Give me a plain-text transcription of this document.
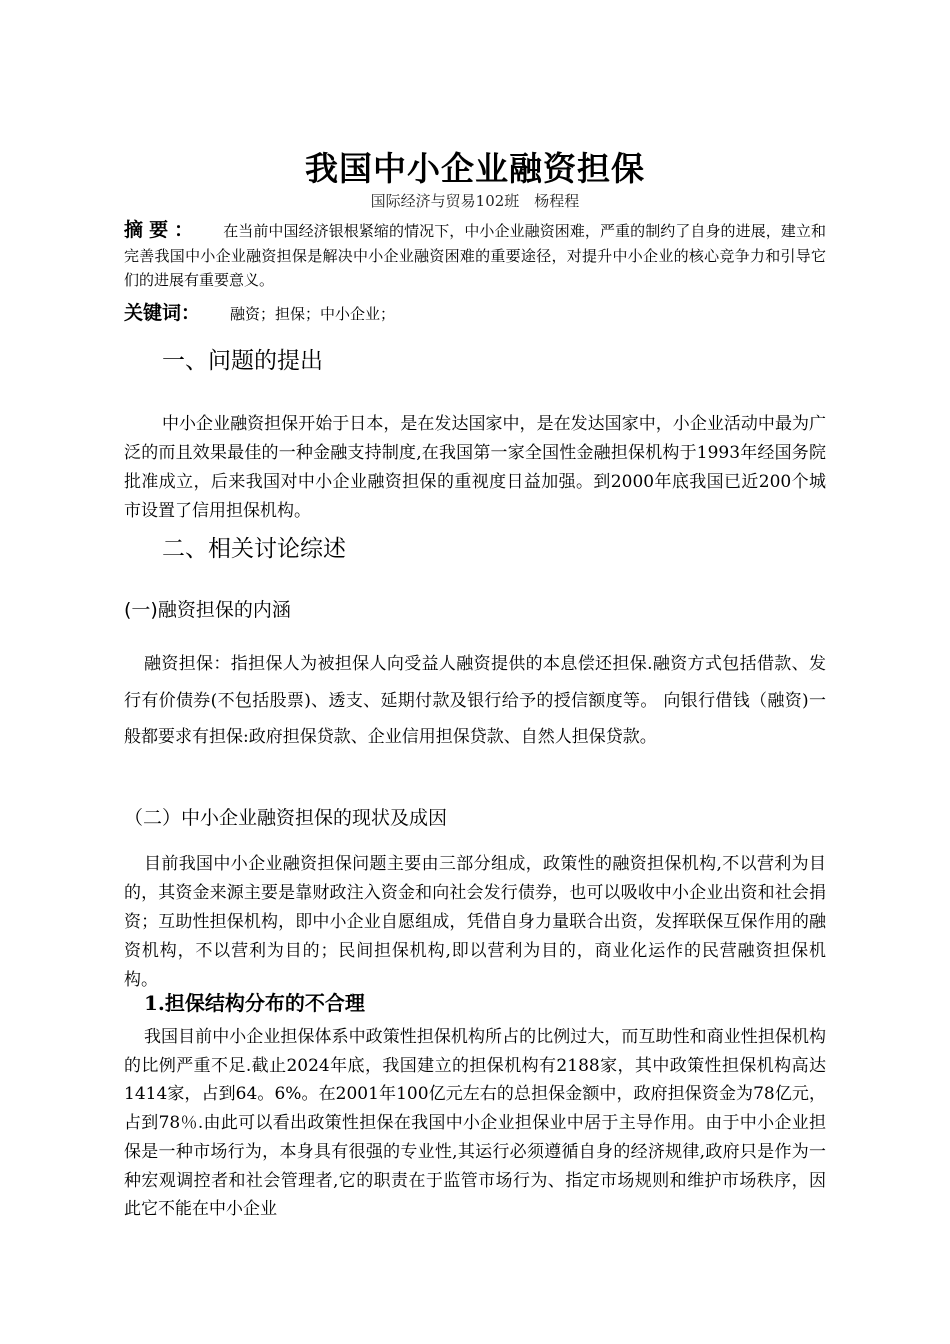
我国中小企业融资担保
国际经济与贸易102班　杨程程
摘要： 在当前中国经济银根紧缩的情况下，中小企业融资困难，严重的制约了自身的进展，建立和完善我国中小企业融资担保是解决中小企业融资困难的重要途径，对提升中小企业的核心竞争力和引导它们的进展有重要意义。
关键词： 融资；担保；中小企业；
一、问题的提出
中小企业融资担保开始于日本，是在发达国家中，是在发达国家中，小企业活动中最为广泛的而且效果最佳的一种金融支持制度,在我国第一家全国性金融担保机构于1993年经国务院批准成立，后来我国对中小企业融资担保的重视度日益加强。到2000年底我国已近200个城市设置了信用担保机构。
二、相关讨论综述
(一)融资担保的内涵
融资担保：指担保人为被担保人向受益人融资提供的本息偿还担保.融资方式包括借款、发行有价债券(不包括股票)、透支、延期付款及银行给予的授信额度等。 向银行借钱（融资)一般都要求有担保:政府担保贷款、企业信用担保贷款、自然人担保贷款。
（二）中小企业融资担保的现状及成因
目前我国中小企业融资担保问题主要由三部分组成，政策性的融资担保机构,不以营利为目的，其资金来源主要是靠财政注入资金和向社会发行债券，也可以吸收中小企业出资和社会捐资；互助性担保机构，即中小企业自愿组成，凭借自身力量联合出资，发挥联保互保作用的融资机构，不以营利为目的；民间担保机构,即以营利为目的，商业化运作的民营融资担保机构。
1.担保结构分布的不合理
我国目前中小企业担保体系中政策性担保机构所占的比例过大，而互助性和商业性担保机构的比例严重不足.截止2024年底，我国建立的担保机构有2188家，其中政策性担保机构高达1414家，占到64。6%。在2001年100亿元左右的总担保金额中，政府担保资金为78亿元，占到78％.由此可以看出政策性担保在我国中小企业担保业中居于主导作用。由于中小企业担保是一种市场行为，本身具有很强的专业性,其运行必须遵循自身的经济规律,政府只是作为一种宏观调控者和社会管理者,它的职责在于监管市场行为、指定市场规则和维护市场秩序，因此它不能在中小企业
